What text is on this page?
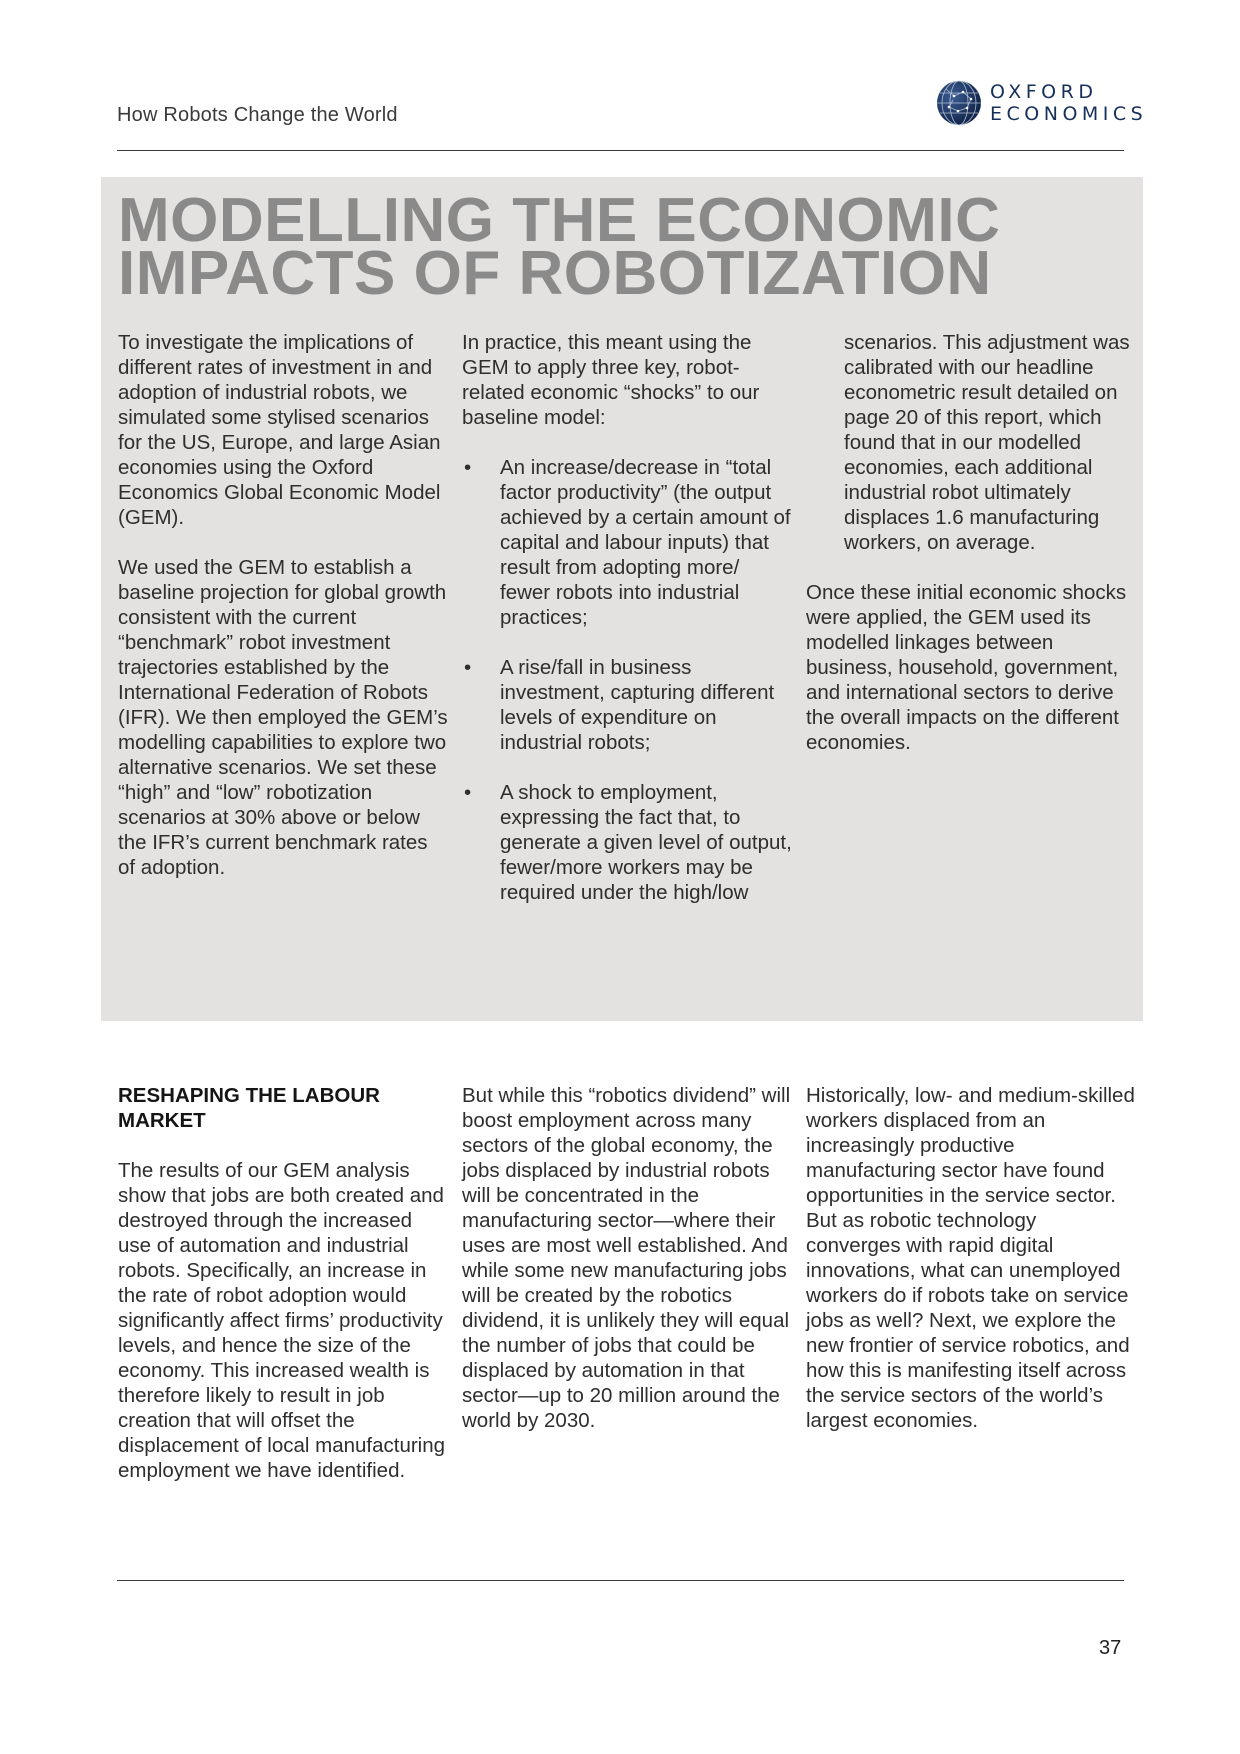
How Robots Change the World
OXFORD
ECONOMICS
MODELLING THE ECONOMIC
IMPACTS OF ROBOTIZATION

To investigate the implications of different rates of investment in and adoption of industrial robots, we simulated some stylised scenarios for the US, Europe, and large Asian economies using the Oxford Economics Global Economic Model (GEM).

We used the GEM to establish a baseline projection for global growth consistent with the current “benchmark” robot investment trajectories established by the International Federation of Robots (IFR). We then employed the GEM’s modelling capabilities to explore two alternative scenarios. We set these “high” and “low” robotization scenarios at 30% above or below the IFR’s current benchmark rates of adoption.

In practice, this meant using the GEM to apply three key, robot-related economic “shocks” to our baseline model:

• An increase/decrease in “total factor productivity” (the output achieved by a certain amount of capital and labour inputs) that result from adopting more/ fewer robots into industrial practices;
• A rise/fall in business investment, capturing different levels of expenditure on industrial robots;
• A shock to employment, expressing the fact that, to generate a given level of output, fewer/more workers may be required under the high/low

scenarios. This adjustment was calibrated with our headline econometric result detailed on page 20 of this report, which found that in our modelled economies, each additional industrial robot ultimately displaces 1.6 manufacturing workers, on average.

Once these initial economic shocks were applied, the GEM used its modelled linkages between business, household, government, and international sectors to derive the overall impacts on the different economies.

RESHAPING THE LABOUR
MARKET

The results of our GEM analysis show that jobs are both created and destroyed through the increased use of automation and industrial robots. Specifically, an increase in the rate of robot adoption would significantly affect firms’ productivity levels, and hence the size of the economy. This increased wealth is therefore likely to result in job creation that will offset the displacement of local manufacturing employment we have identified.

But while this “robotics dividend” will boost employment across many sectors of the global economy, the jobs displaced by industrial robots will be concentrated in the manufacturing sector—where their uses are most well established. And while some new manufacturing jobs will be created by the robotics dividend, it is unlikely they will equal the number of jobs that could be displaced by automation in that sector—up to 20 million around the world by 2030.

Historically, low- and medium-skilled workers displaced from an increasingly productive manufacturing sector have found opportunities in the service sector. But as robotic technology converges with rapid digital innovations, what can unemployed workers do if robots take on service jobs as well? Next, we explore the new frontier of service robotics, and how this is manifesting itself across the service sectors of the world’s largest economies.

37
